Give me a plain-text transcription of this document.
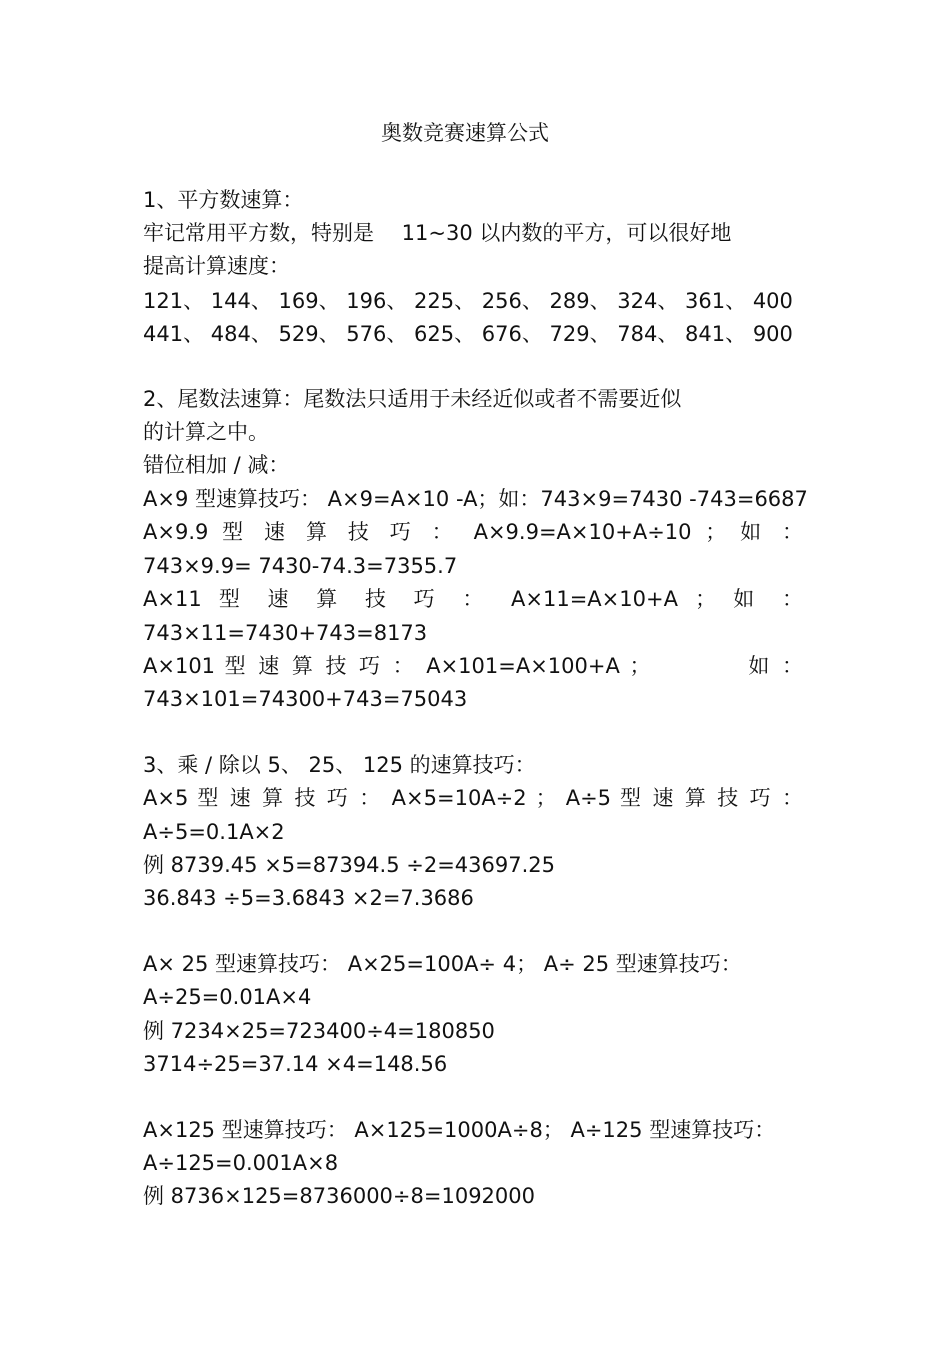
奥数竞赛速算公式
1、平方数速算：
牢记常用平方数，特别是　 11~30 以内数的平方，可以很好地
提高计算速度：
121、 144、 169、 196、 225、 256、 289、 324、 361、 400
441、 484、 529、 576、 625、 676、 729、 784、 841、 900
2、尾数法速算：尾数法只适用于未经近似或者不需要近似
的计算之中。
错位相加 / 减：
A×9 型速算技巧： A×9=A×10 -A；如：743×9=7430 -743=6687
A×9.9 型 速 算 技 巧 ： A×9.9=A×10+A÷10 ； 如 ：
743×9.9= 7430-74.3=7355.7
A×11 型 速 算 技 巧 ： A×11=A×10+A ； 如 ：
743×11=7430+743=8173
A×101 型 速 算 技 巧 ： A×101=A×100+A ；　　　　 如 ：
743×101=74300+743=75043
3、乘 / 除以 5、 25、 125 的速算技巧：
A×5 型 速 算 技 巧 ： A×5=10A÷2 ； A÷5 型 速 算 技 巧 ：
A÷5=0.1A×2
例 8739.45 ×5=87394.5 ÷2=43697.25
36.843 ÷5=3.6843 ×2=7.3686
A× 25 型速算技巧： A×25=100A÷ 4； A÷ 25 型速算技巧：
A÷25=0.01A×4
例 7234×25=723400÷4=180850
3714÷25=37.14 ×4=148.56
A×125 型速算技巧： A×125=1000A÷8； A÷125 型速算技巧：
A÷125=0.001A×8
例 8736×125=8736000÷8=1092000
